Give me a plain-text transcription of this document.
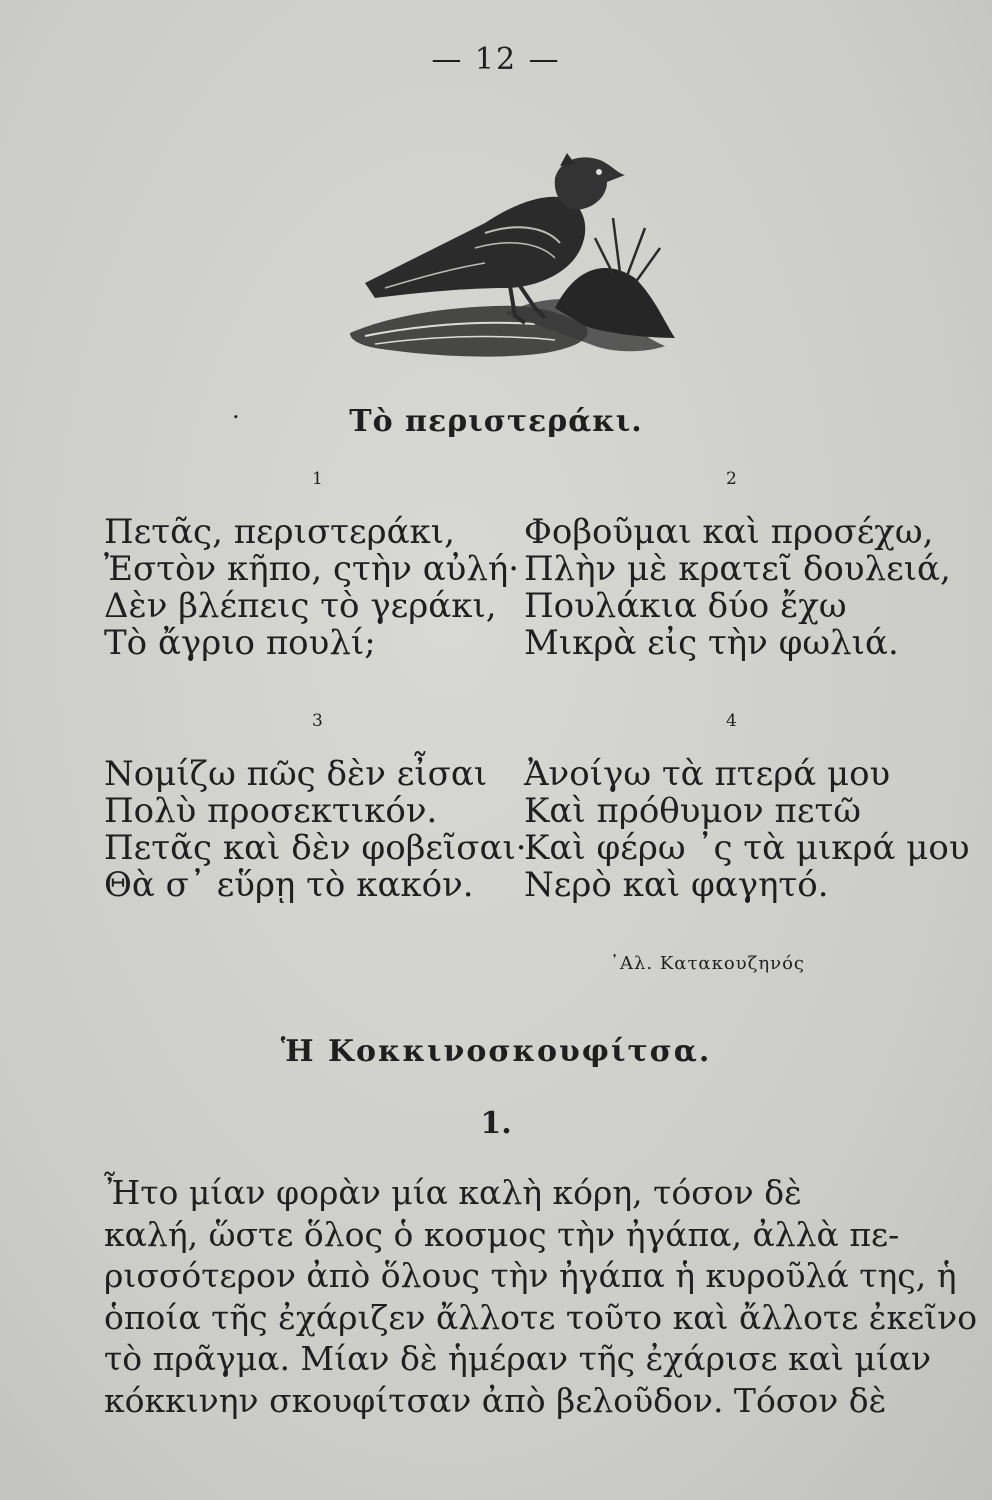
— 12 —
.	Τὸ περιστεράκι.
1	2
3	4
Πετᾶς, περιστεράκι,
Ἐστὸν κῆπο, ςτὴν αὐλή·
Δὲν βλέπεις τὸ γεράκι,
Τὸ ἄγριο πουλί;
Φοβοῦμαι καὶ προσέχω,
Πλὴν μὲ κρατεῖ δουλειά,
Πουλάκια δύο ἔχω
Μικρὰ εἰς τὴν φωλιά.
Νομίζω πῶς δὲν εἶσαι
Πολὺ προσεκτικόν.
Πετᾶς καὶ δὲν φοβεῖσαι·
Θὰ σ᾽ εὕρῃ τὸ κακόν.
Ἀνοίγω τὰ πτερά μου
Καὶ πρόθυμον πετῶ
Καὶ φέρω ᾽ς τὰ μικρά μου
Νερὸ καὶ φαγητό.
᾿Αλ. Κατακουζηνός
Ἡ Κοκκινοσκουφίτσα.
1.
Ἦτο μίαν φορὰν μία καλὴ κόρη, τόσον δὲ
καλή, ὥστε ὅλος ὁ κοσμος τὴν ἠγάπα, ἀλλὰ πε-
ρισσότερον ἀπὸ ὅλους τὴν ἠγάπα ἡ κυροῦλά της, ἡ
ὁποία τῆς ἐχάριζεν ἄλλοτε τοῦτο καὶ ἄλλοτε ἐκεῖνο
τὸ πρᾶγμα. Μίαν δὲ ἡμέραν τῆς ἐχάρισε καὶ μίαν
κόκκινην σκουφίτσαν ἀπὸ βελοῦδον. Τόσον δὲ
